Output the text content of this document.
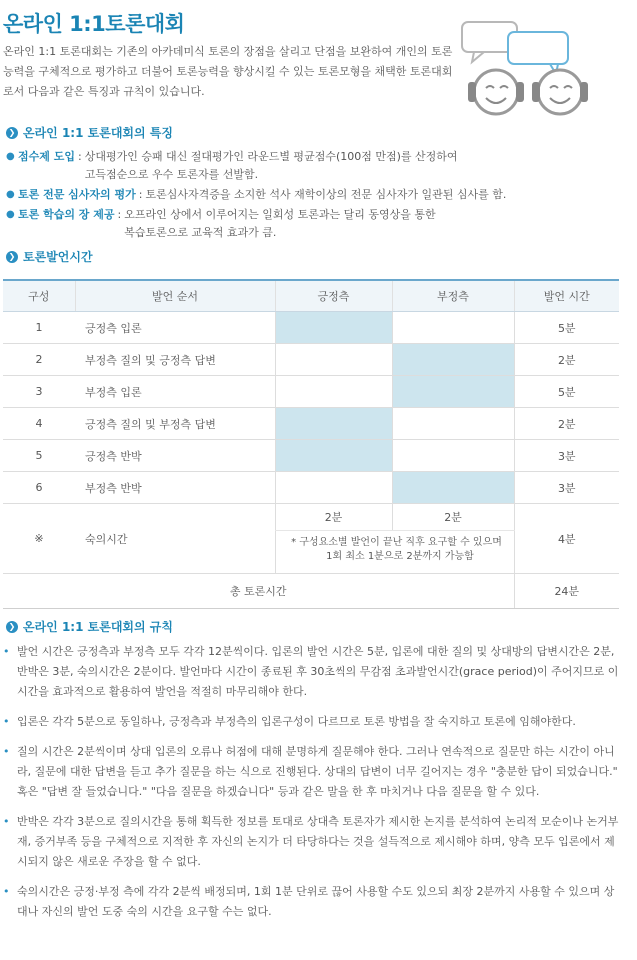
온라인 1:1토론대회

온라인 1:1 토론대회는 기존의 아카데미식 토론의 장점을 살리고 단점을 보완하여 개인의 토론능력을 구체적으로 평가하고 더불어 토론능력을 향상시킬 수 있는 토론모형을 채택한 토론대회로서 다음과 같은 특징과 규칙이 있습니다.

❯ 온라인 1:1 토론대회의 특징
● 점수제 도입 : 상대평가인 승패 대신 절대평가인 라운드별 평균점수(100점 만점)를 산정하여
고득점순으로 우수 토론자를 선발함.
● 토론 전문 심사자의 평가 : 토론심사자격증을 소지한 석사 재학이상의 전문 심사자가 일관된 심사를 함.
● 토론 학습의 장 제공 : 오프라인 상에서 이루어지는 일회성 토론과는 달리 동영상을 통한
복습토론으로 교육적 효과가 큼.
❯ 토론발언시간
구성	발언 순서	긍정측	부정측	발언 시간
1	긍정측 입론			5분
2	부정측 질의 및 긍정측 답변			2분
3	부정측 입론			5분
4	긍정측 질의 및 부정측 답변			2분
5	긍정측 반박			3분
6	부정측 반박			3분
※	숙의시간	2분	2분	4분

		* 구성요소별 발언이 끝난 직후 요구할 수 있으며
1회 최소 1분으로 2분까지 가능함		

총 토론시간				24분
❯ 온라인 1:1 토론대회의 규칙
• 발언 시간은 긍정측과 부정측 모두 각각 12분씩이다. 입론의 발언 시간은 5분, 입론에 대한 질의 및 상대방의 답변시간은 2분, 반박은 3분, 숙의시간은 2분이다. 발언마다 시간이 종료된 후 30초씩의 무감점 초과발언시간(grace period)이 주어지므로 이 시간을 효과적으로 활용하여 발언을 적절히 마무리해야 한다.
• 입론은 각각 5분으로 동일하나, 긍정측과 부정측의 입론구성이 다르므로 토론 방법을 잘 숙지하고 토론에 임해야한다.
• 질의 시간은 2분씩이며 상대 입론의 오류나 허점에 대해 분명하게 질문해야 한다. 그러나 연속적으로 질문만 하는 시간이 아니라, 질문에 대한 답변을 듣고 추가 질문을 하는 식으로 진행된다. 상대의 답변이 너무 길어지는 경우 "충분한 답이 되었습니다." 혹은 "답변 잘 들었습니다." "다음 질문을 하겠습니다" 등과 같은 말을 한 후 마치거나 다음 질문을 할 수 있다.
• 반박은 각각 3분으로 질의시간을 통해 획득한 정보를 토대로 상대측 토론자가 제시한 논지를 분석하여 논리적 모순이나 논거부재, 증거부족 등을 구체적으로 지적한 후 자신의 논지가 더 타당하다는 것을 설득적으로 제시해야 하며, 양측 모두 입론에서 제시되지 않은 새로운 주장을 할 수 없다.
• 숙의시간은 긍정·부정 측에 각각 2분씩 배정되며, 1회 1분 단위로 끊어 사용할 수도 있으되 최장 2분까지 사용할 수 있으며 상대나 자신의 발언 도중 숙의 시간을 요구할 수는 없다.
